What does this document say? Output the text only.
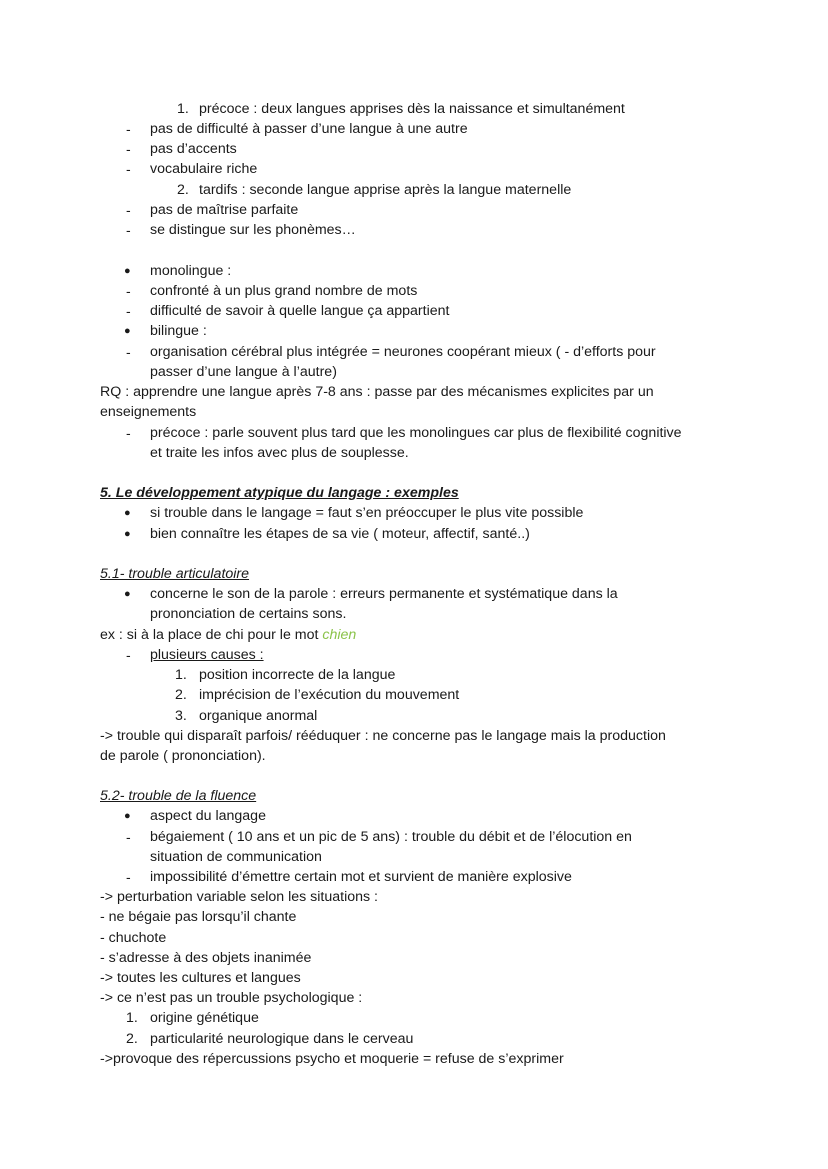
1. précoce : deux langues apprises dès la naissance et simultanément
- pas de difficulté à passer d’une langue à une autre
- pas d’accents
- vocabulaire riche
2. tardifs : seconde langue apprise après la langue maternelle
- pas de maîtrise parfaite
- se distingue sur les phonèmes…
● monolingue :
- confronté à un plus grand nombre de mots
- difficulté de savoir à quelle langue ça appartient
● bilingue :
- organisation cérébral plus intégrée = neurones coopérant mieux ( - d’efforts pour
passer d’une langue à l’autre)
RQ : apprendre une langue après 7-8 ans : passe par des mécanismes explicites par un
enseignements
- précoce : parle souvent plus tard que les monolingues car plus de flexibilité cognitive
et traite les infos avec plus de souplesse.
5. Le développement atypique du langage : exemples
● si trouble dans le langage = faut s’en préoccuper le plus vite possible
● bien connaître les étapes de sa vie ( moteur, affectif, santé..)
5.1- trouble articulatoire
● concerne le son de la parole : erreurs permanente et systématique dans la
prononciation de certains sons.
ex : si à la place de chi pour le mot chien
- plusieurs causes :
1. position incorrecte de la langue
2. imprécision de l’exécution du mouvement
3. organique anormal
-> trouble qui disparaît parfois/ rééduquer : ne concerne pas le langage mais la production
de parole ( prononciation).
5.2- trouble de la fluence
● aspect du langage
- bégaiement ( 10 ans et un pic de 5 ans) : trouble du débit et de l’élocution en
situation de communication
- impossibilité d’émettre certain mot et survient de manière explosive
-> perturbation variable selon les situations :
- ne bégaie pas lorsqu’il chante
- chuchote
- s’adresse à des objets inanimée
-> toutes les cultures et langues
-> ce n’est pas un trouble psychologique :
1. origine génétique
2. particularité neurologique dans le cerveau
->provoque des répercussions psycho et moquerie = refuse de s’exprimer
